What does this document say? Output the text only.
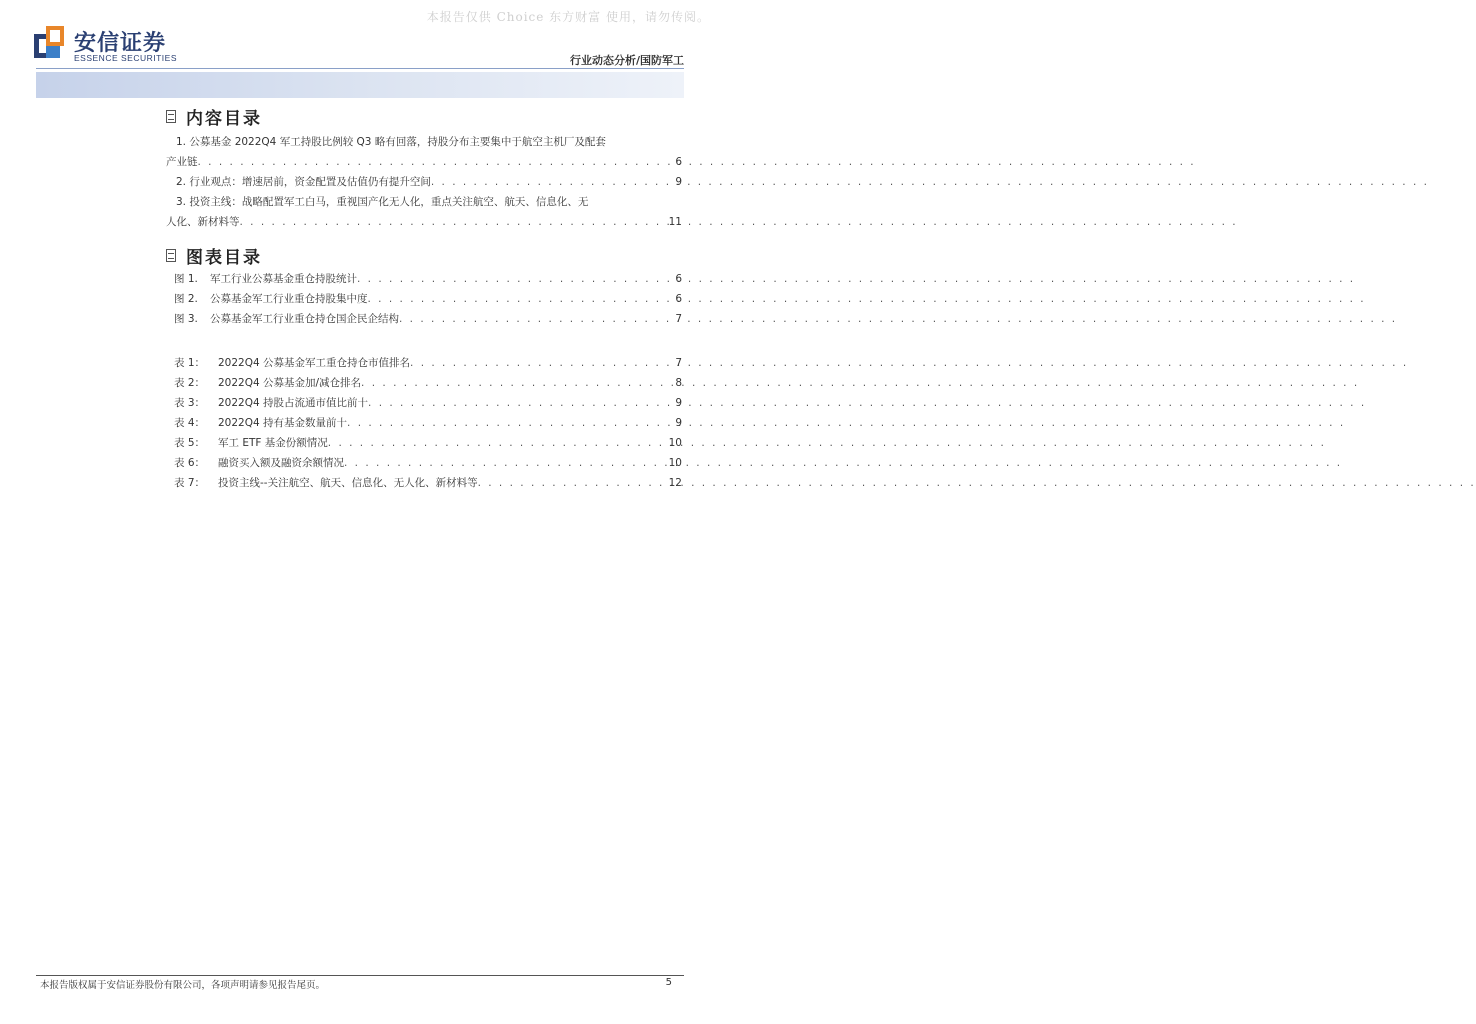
本报告仅供 Choice 东方财富 使用，请勿传阅。
安信证券
ESSENCE SECURITIES	行业动态分析/国防军工
内容目录
1. 公募基金 2022Q4 军工持股比例较 Q3 略有回落，持股分布主要集中于航空主机厂及配套
产业链 . . .	6
2. 行业观点：增速居前，资金配置及估值仍有提升空间 . . .	9
3. 投资主线：战略配置军工白马，重视国产化无人化，重点关注航空、航天、信息化、无
人化、新材料等 . . .	11
图表目录
图 1.	军工行业公募基金重仓持股统计 . . .	6
图 2.	公募基金军工行业重仓持股集中度 . . .	6
图 3.	公募基金军工行业重仓持仓国企民企结构 . . .	7
表 1：	2022Q4 公募基金军工重仓持仓市值排名 . . .	7
表 2：	2022Q4 公募基金加/减仓排名 . . .	8
表 3：	2022Q4 持股占流通市值比前十 . . .	9
表 4：	2022Q4 持有基金数量前十 . . .	9
表 5：	军工 ETF 基金份额情况 . . .	10
表 6：	融资买入额及融资余额情况 . . .	10
表 7：	投资主线--关注航空、航天、信息化、无人化、新材料等 . . .	12
本报告版权属于安信证券股份有限公司，各项声明请参见报告尾页。	5
